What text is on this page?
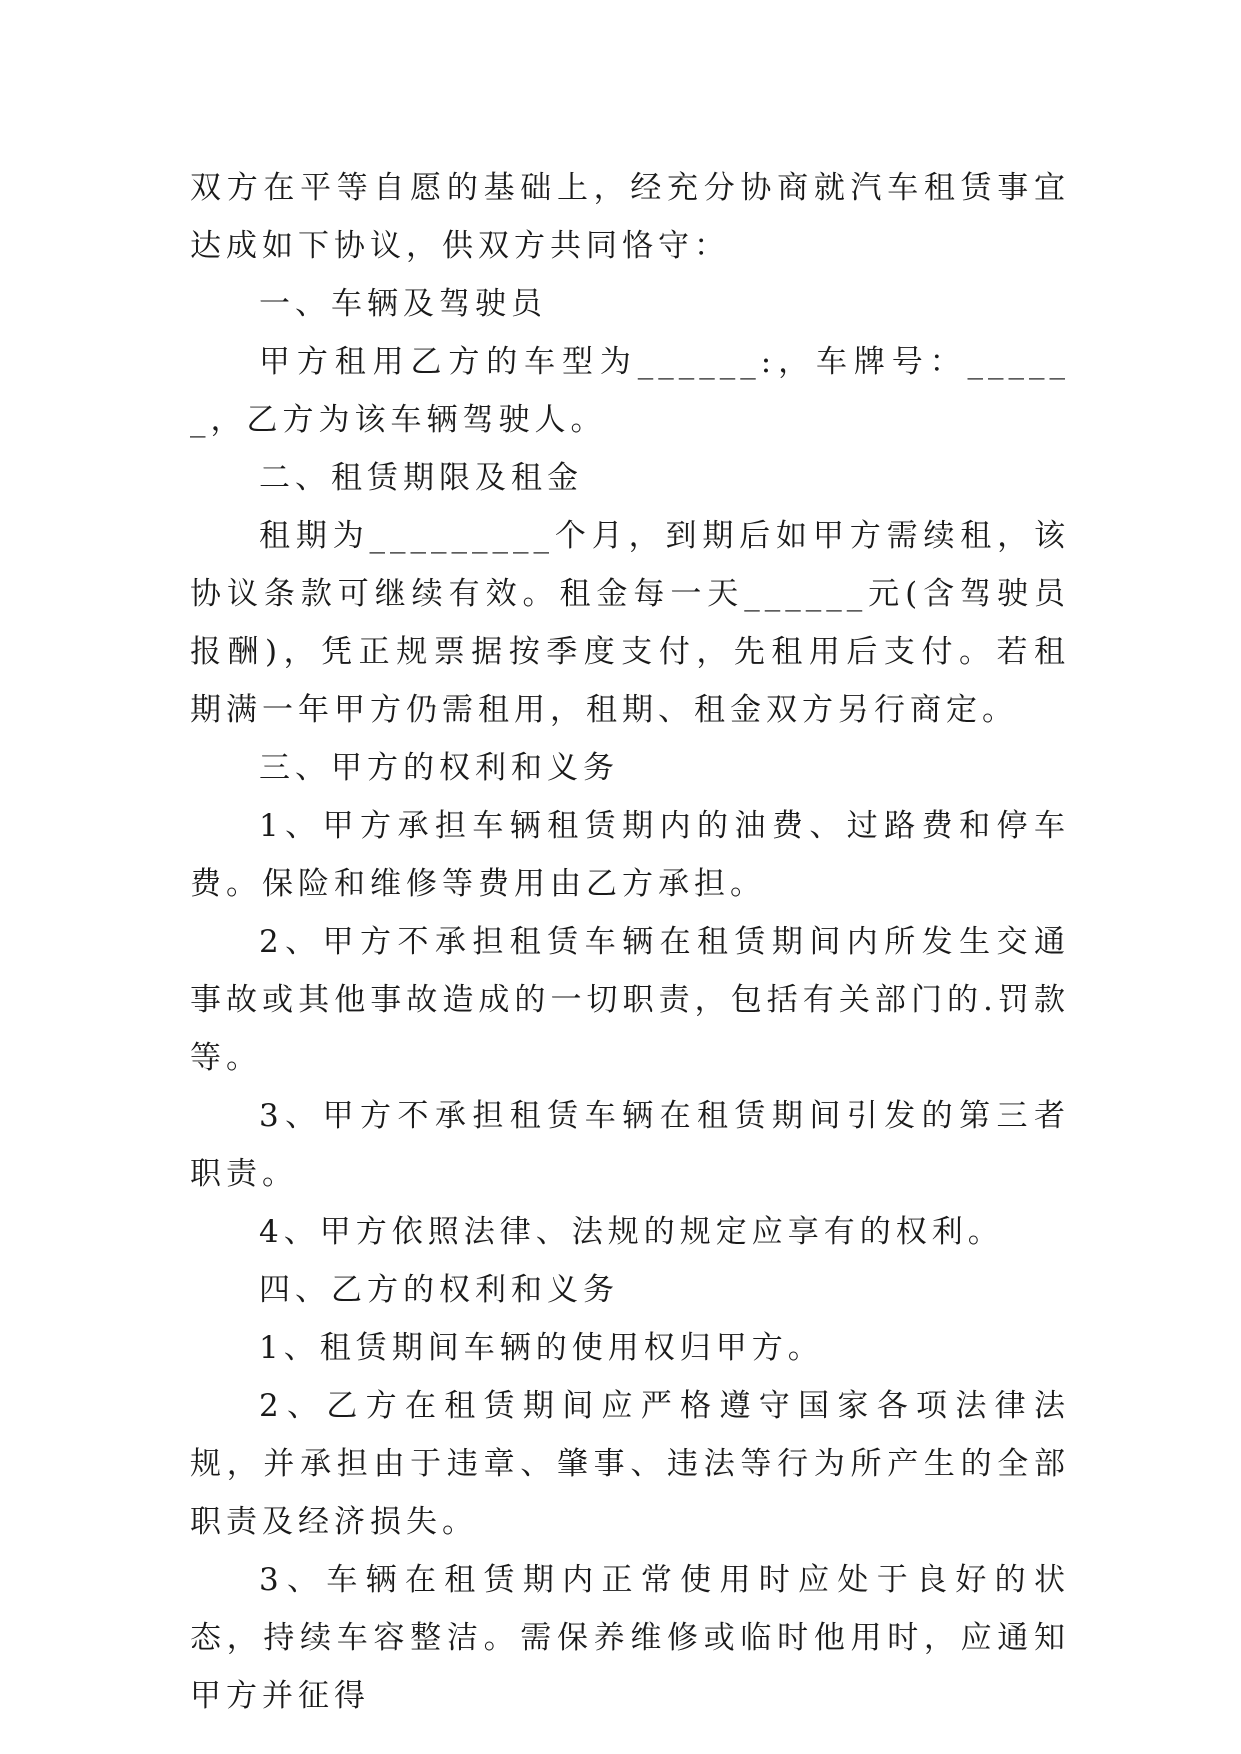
双方在平等自愿的基础上，经充分协商就汽车租赁事宜达成如下协议，供双方共同恪守：

一、车辆及驾驶员

甲方租用乙方的车型为______:，车牌号：______，乙方为该车辆驾驶人。

二、租赁期限及租金

租期为_________个月，到期后如甲方需续租，该协议条款可继续有效。租金每一天______元(含驾驶员报酬)，凭正规票据按季度支付，先租用后支付。若租期满一年甲方仍需租用，租期、租金双方另行商定。

三、甲方的权利和义务

1、甲方承担车辆租赁期内的油费、过路费和停车费。保险和维修等费用由乙方承担。

2、甲方不承担租赁车辆在租赁期间内所发生交通事故或其他事故造成的一切职责，包括有关部门的.罚款等。

3、甲方不承担租赁车辆在租赁期间引发的第三者职责。

4、甲方依照法律、法规的规定应享有的权利。

四、乙方的权利和义务

1、租赁期间车辆的使用权归甲方。

2、乙方在租赁期间应严格遵守国家各项法律法规，并承担由于违章、肇事、违法等行为所产生的全部职责及经济损失。

3、车辆在租赁期内正常使用时应处于良好的状态，持续车容整洁。需保养维修或临时他用时，应通知甲方并征得
